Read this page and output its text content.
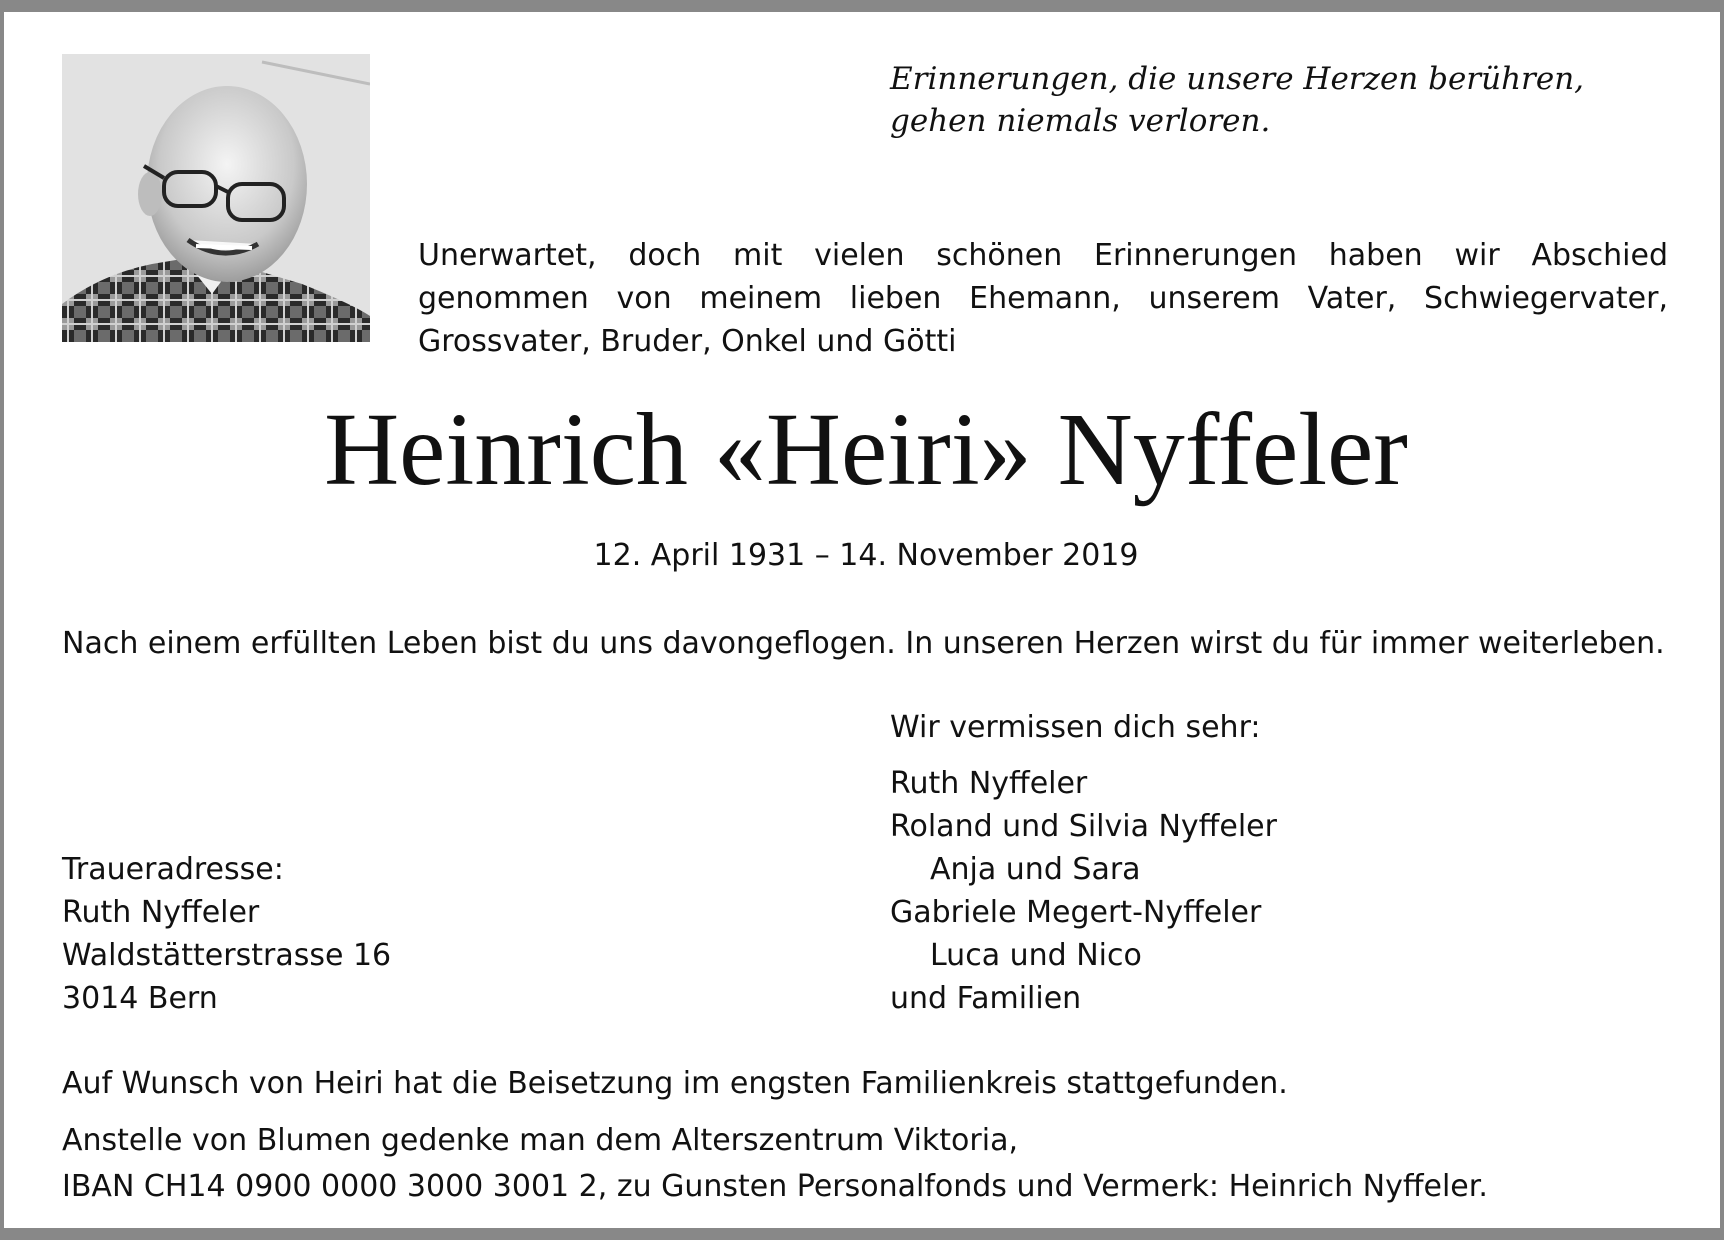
Erinnerungen, die unsere Herzen berühren,
gehen niemals verloren.
Unerwartet, doch mit vielen schönen Erinnerungen haben wir Abschied genommen von meinem lieben Ehemann, unserem Vater, Schwiegervater, Grossvater, Bruder, Onkel und Götti
Heinrich «Heiri» Nyffeler
12. April 1931 – 14. November 2019
Nach einem erfüllten Leben bist du uns davongeflogen. In unseren Herzen wirst du für immer weiterleben.
Wir vermissen dich sehr:
Ruth Nyffeler
Roland und Silvia Nyffeler
Anja und Sara
Gabriele Megert-Nyffeler
Luca und Nico
und Familien
Traueradresse:
Ruth Nyffeler
Waldstätterstrasse 16
3014 Bern
Auf Wunsch von Heiri hat die Beisetzung im engsten Familienkreis stattgefunden.
Anstelle von Blumen gedenke man dem Alterszentrum Viktoria,
IBAN CH14 0900 0000 3000 3001 2, zu Gunsten Personalfonds und Vermerk: Heinrich Nyffeler.
